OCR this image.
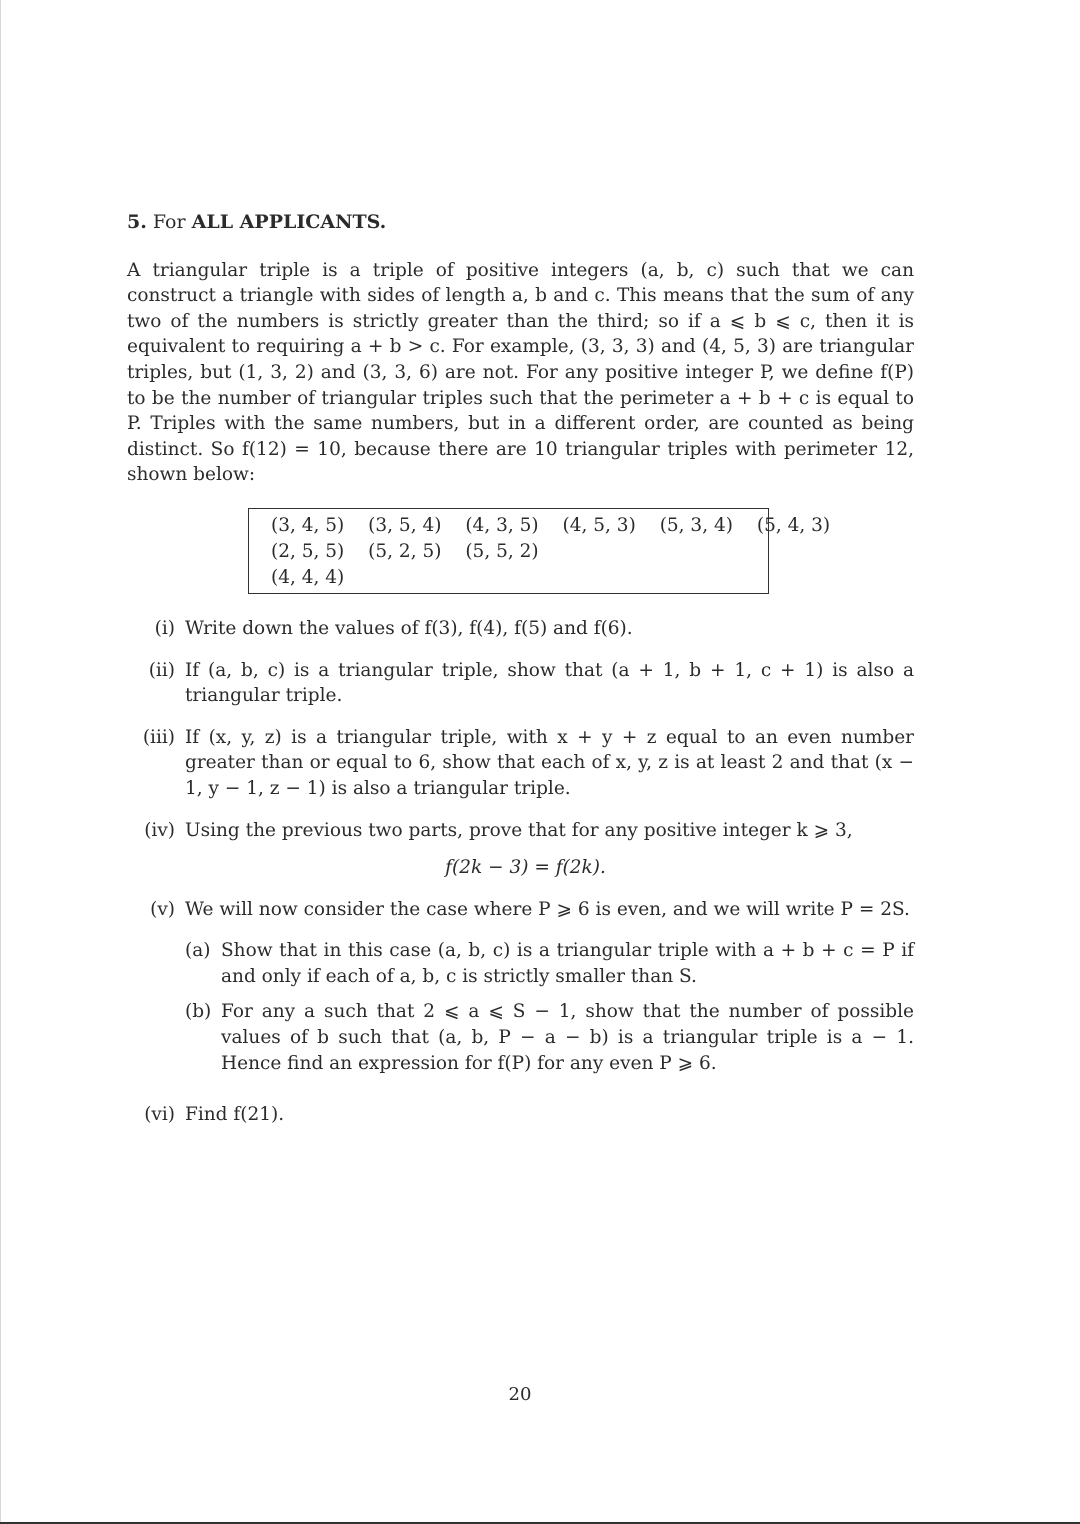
5. For ALL APPLICANTS.

A triangular triple is a triple of positive integers (a, b, c) such that we can construct a triangle with sides of length a, b and c. This means that the sum of any two of the numbers is strictly greater than the third; so if a ⩽ b ⩽ c, then it is equivalent to requiring a + b > c. For example, (3, 3, 3) and (4, 5, 3) are triangular triples, but (1, 3, 2) and (3, 3, 6) are not. For any positive integer P, we define f(P) to be the number of triangular triples such that the perimeter a + b + c is equal to P. Triples with the same numbers, but in a different order, are counted as being distinct. So f(12) = 10, because there are 10 triangular triples with perimeter 12, shown below:

(3, 4, 5) (3, 5, 4) (4, 3, 5) (4, 5, 3) (5, 3, 4) (5, 4, 3)
(2, 5, 5) (5, 2, 5) (5, 5, 2)
(4, 4, 4)
(i) Write down the values of f(3), f(4), f(5) and f(6).
(ii) If (a, b, c) is a triangular triple, show that (a + 1, b + 1, c + 1) is also a triangular triple.
(iii) If (x, y, z) is a triangular triple, with x + y + z equal to an even number greater than or equal to 6, show that each of x, y, z is at least 2 and that (x − 1, y − 1, z − 1) is also a triangular triple.
(iv) Using the previous two parts, prove that for any positive integer k ⩾ 3,
f(2k − 3) = f(2k).
(v) We will now consider the case where P ⩾ 6 is even, and we will write P = 2S.
(a) Show that in this case (a, b, c) is a triangular triple with a + b + c = P if and only if each of a, b, c is strictly smaller than S.
(b) For any a such that 2 ⩽ a ⩽ S − 1, show that the number of possible values of b such that (a, b, P − a − b) is a triangular triple is a − 1. Hence find an expression for f(P) for any even P ⩾ 6.
(vi) Find f(21).
20
